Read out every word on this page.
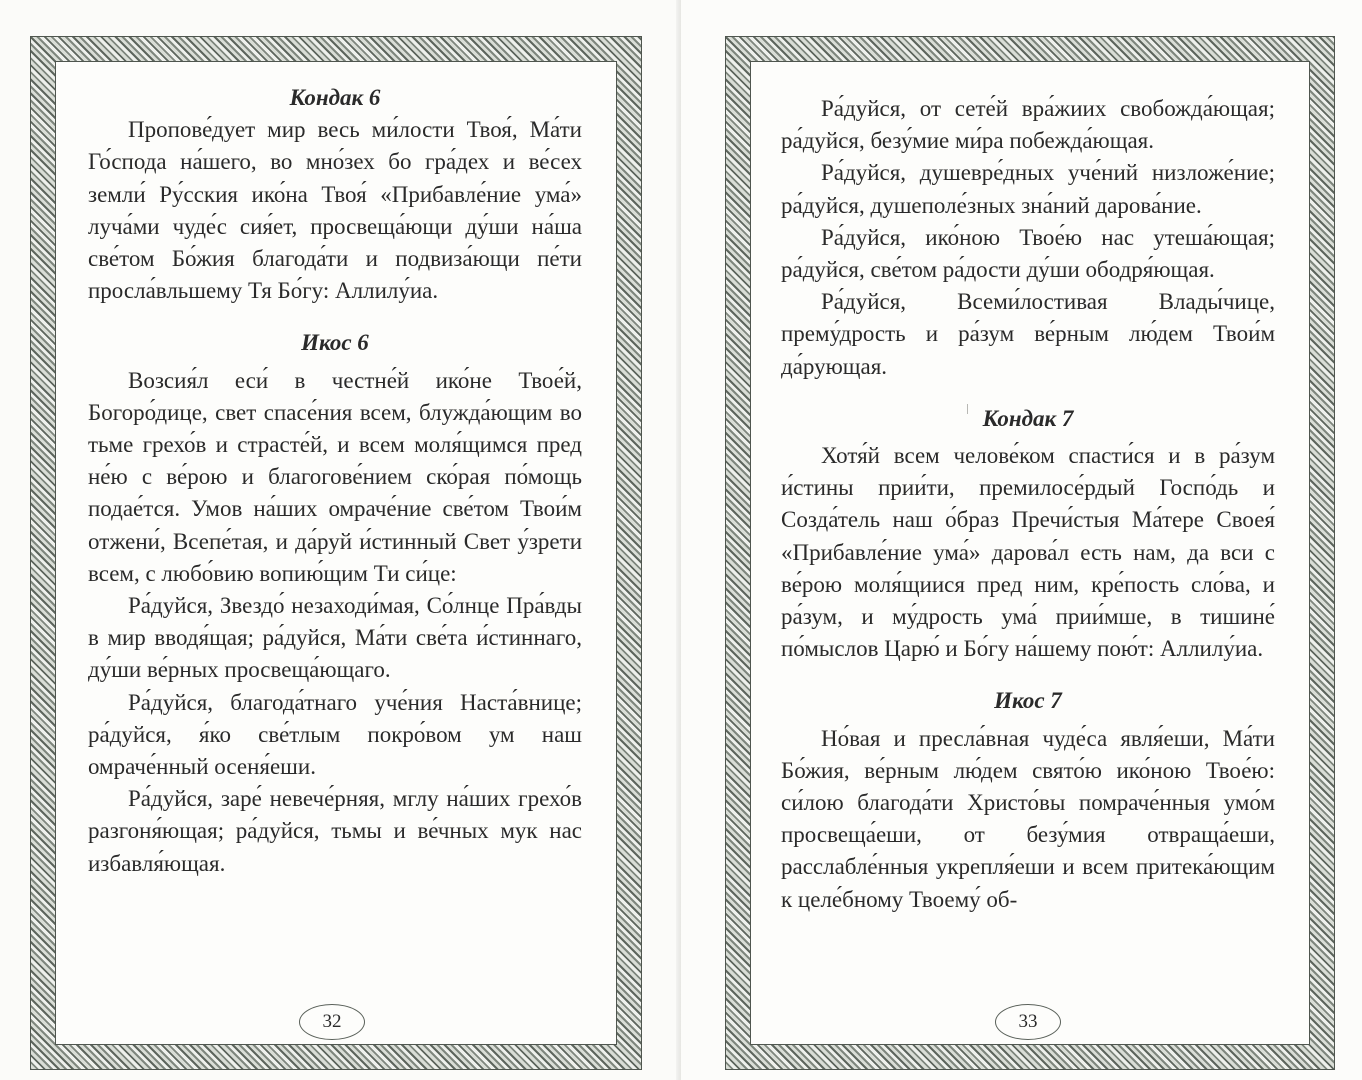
Кондак 6

Пропове́дует мир весь ми́лости Твоя́, Ма́ти Го́спода на́шего, во мно́зех бо гра́дех и ве́сех земли́ Ру́сския ико́на Твоя́ «Прибавле́ние ума́» луча́ми чуде́с сия́ет, просвеща́ющи ду́ши на́ша све́том Бо́жия благода́ти и подвиза́ющи пе́ти просла́вльшему Тя Бо́гу: Аллилу́иа.

Икос 6

Возсия́л еси́ в честне́й ико́не Твое́й, Богоро́дице, свет спасе́ния всем, блужда́ющим во тьме грехо́в и страсте́й, и всем моля́щимся пред не́ю с ве́рою и благогове́нием ско́рая по́мощь подае́тся. Умов на́ших омраче́ние све́том Твои́м отжени́, Всепе́тая, и да́руй и́стинный Свет у́зрети всем, с любо́вию вопию́щим Ти си́це:

Ра́дуйся, Звездо́ незаходи́мая, Со́лнце Пра́вды в мир вводя́щая; ра́дуйся, Ма́ти све́та и́стиннаго, ду́ши ве́рных просвеща́ющаго.

Ра́дуйся, благода́тнаго уче́ния Наста́внице; ра́дуйся, я́ко све́тлым покро́вом ум наш омраче́нный осеня́еши.

Ра́дуйся, заре́ невече́рняя, мглу на́ших грехо́в разгоня́ющая; ра́дуйся, тьмы и ве́чных мук нас избавля́ющая.

32

Ра́дуйся, от сете́й вра́жиих свобожда́ющая; ра́дуйся, безу́мие ми́ра побежда́ющая.

Ра́дуйся, душевре́дных уче́ний низложе́ние; ра́дуйся, душеполе́зных зна́ний дарова́ние.

Ра́дуйся, ико́ною Твое́ю нас утеша́ющая; ра́дуйся, све́том ра́дости ду́ши ободря́ющая.

Ра́дуйся, Всеми́лостивая Влады́чице, прему́дрость и ра́зум ве́рным лю́дем Твои́м да́рующая.

Кондак 7

Хотя́й всем челове́ком спасти́ся и в ра́зум и́стины прии́ти, премилосе́рдый Госпо́дь и Созда́тель наш о́браз Пречи́стыя Ма́тере Своея́ «Прибавле́ние ума́» дарова́л есть нам, да вси с ве́рою моля́щиися пред ним, кре́пость сло́ва, и ра́зум, и му́дрость ума́ прии́мше, в тишине́ по́мыслов Царю́ и Бо́гу на́шему пою́т: Аллилу́иа.

Икос 7

Но́вая и пресла́вная чуде́са явля́еши, Ма́ти Бо́жия, ве́рным лю́дем свято́ю ико́ною Твое́ю: си́лою благода́ти Христо́вы помраче́нныя умо́м просвеща́еши, от безу́мия отвраща́еши, расслабле́нныя укрепля́еши и всем притека́ющим к целе́бному Твоему́ об-

33
